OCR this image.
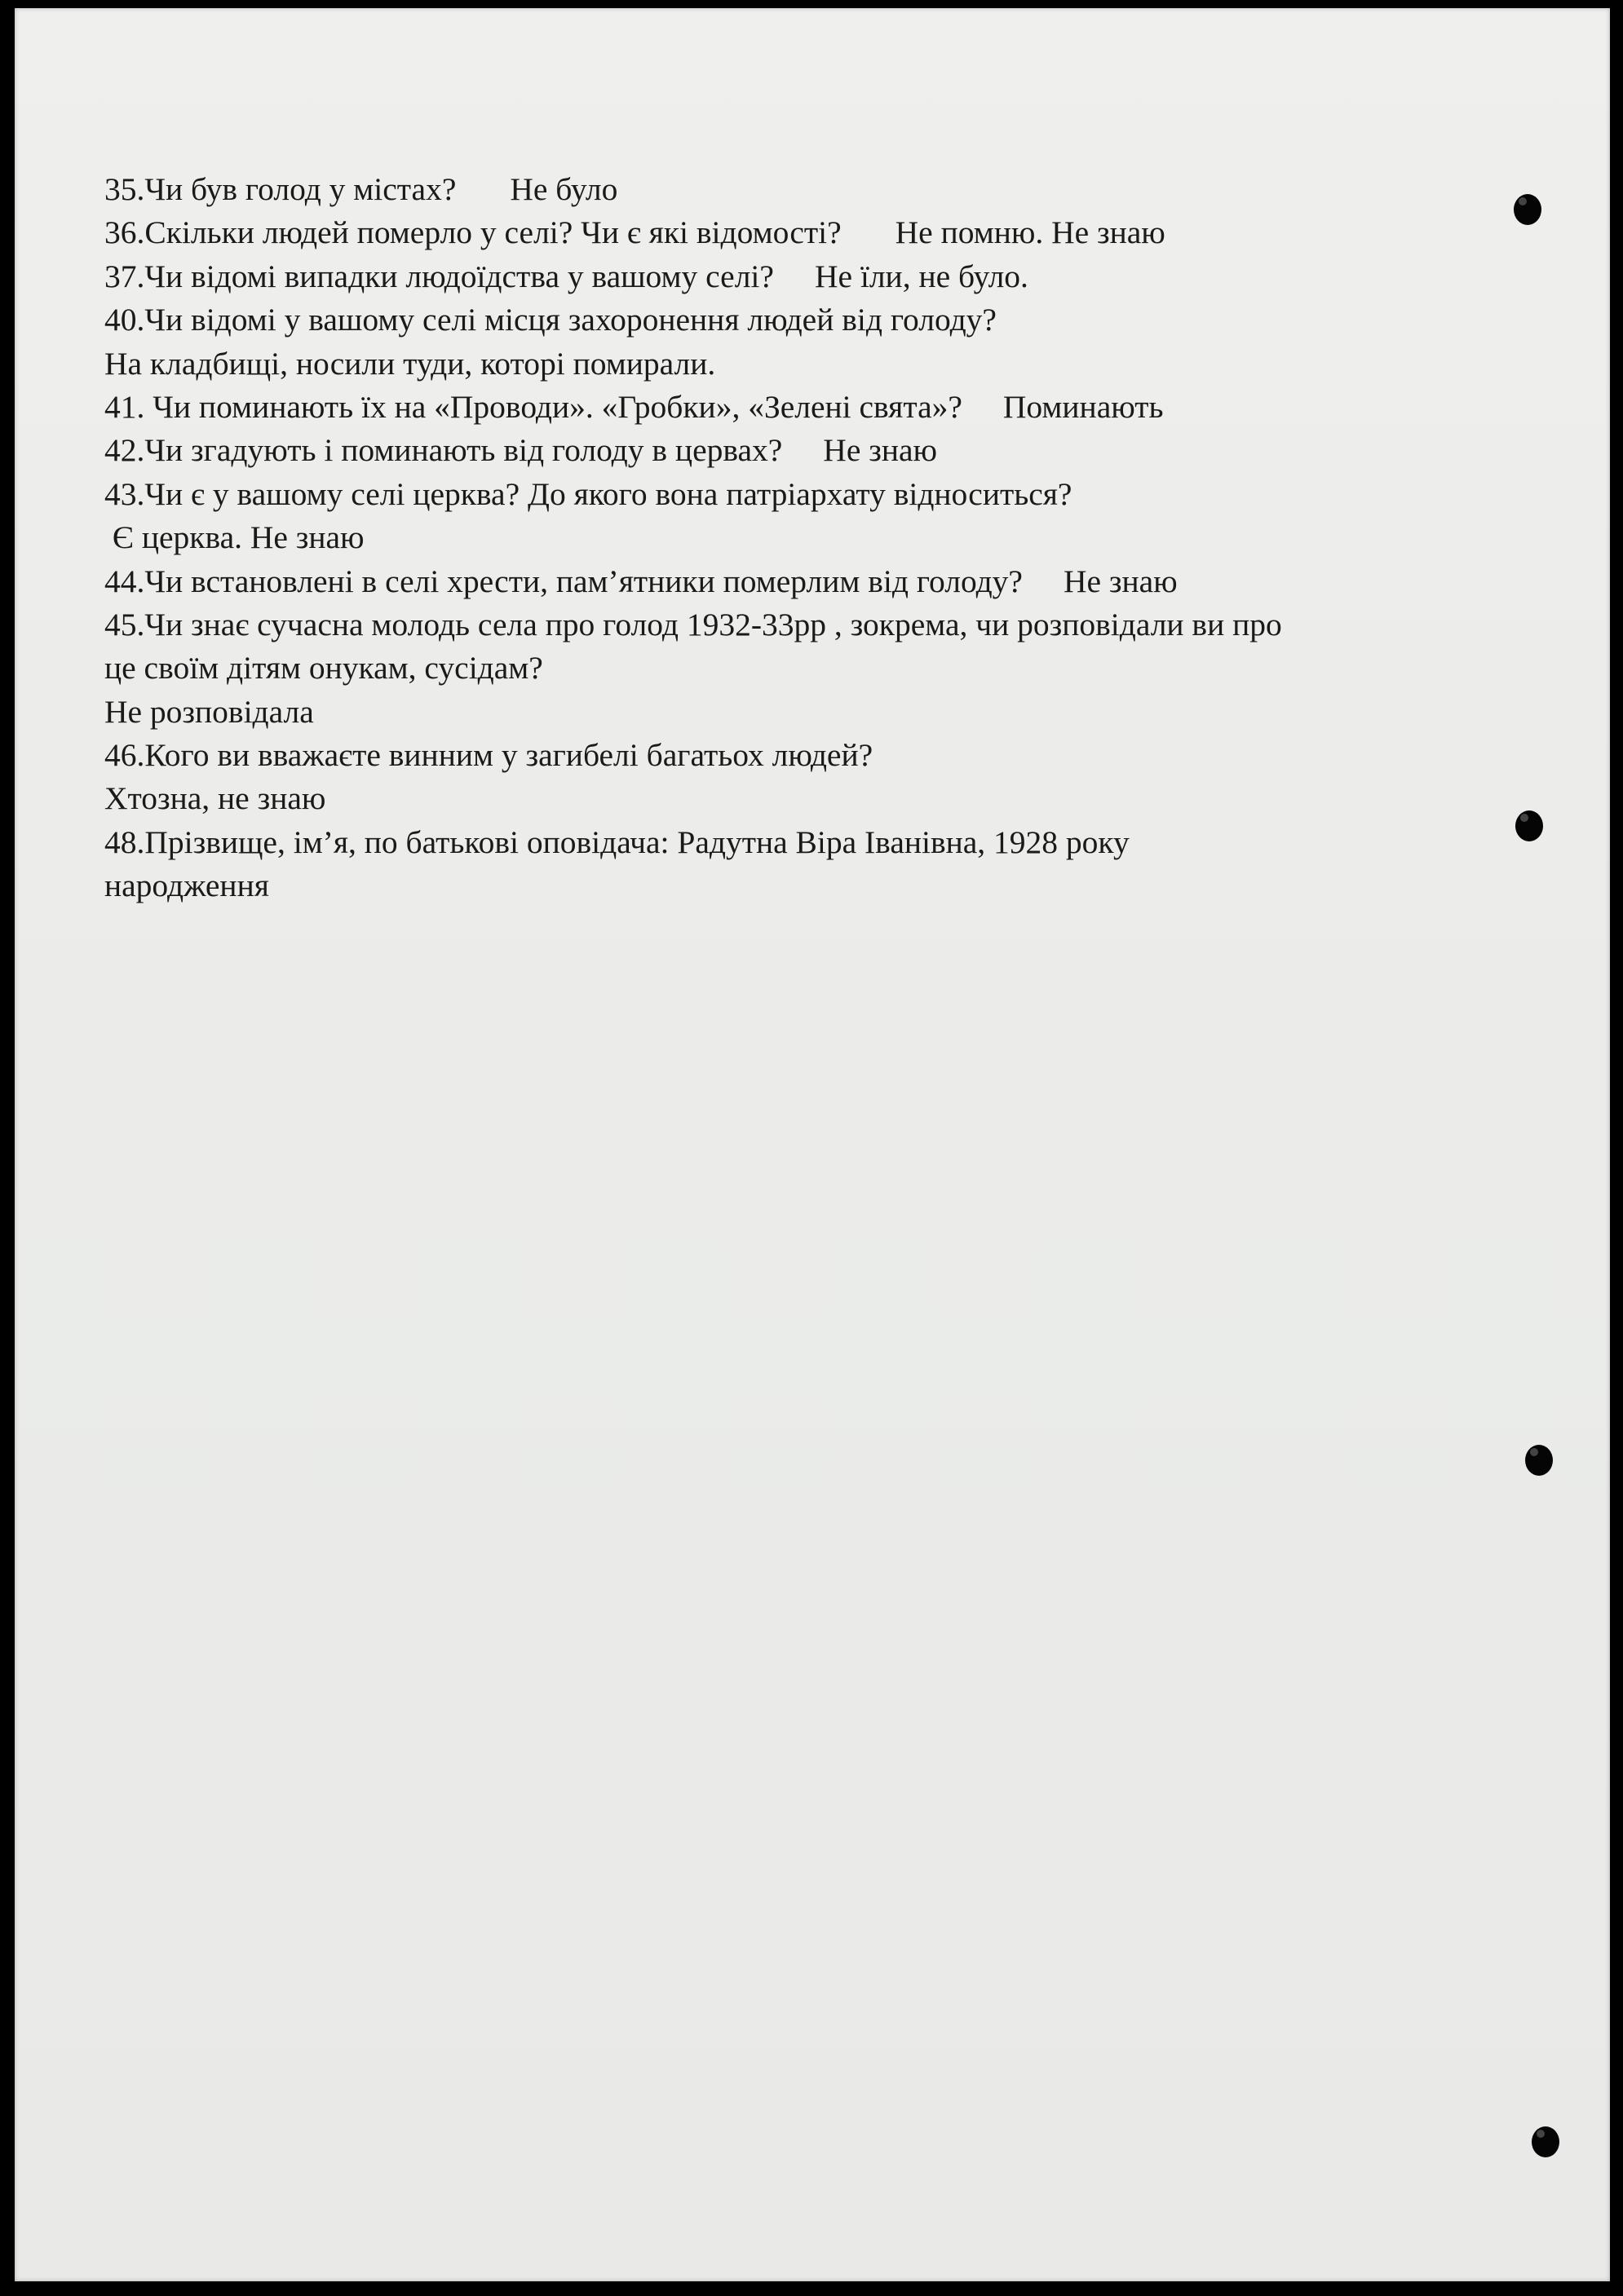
35.Чи був голод у містах? Не було
36.Скільки людей померло у селі? Чи є які відомості? Не помню. Не знаю
37.Чи відомі випадки людоїдства у вашому селі? Не їли, не було.
40.Чи відомі у вашому селі місця захоронення людей від голоду?
На кладбищі, носили туди, которі помирали.
41. Чи поминають їх на «Проводи». «Гробки», «Зелені свята»? Поминають
42.Чи згадують і поминають від голоду в цервах? Не знаю
43.Чи є у вашому селі церква? До якого вона патріархату відноситься?
Є церква. Не знаю
44.Чи встановлені в селі хрести, пам’ятники померлим від голоду? Не знаю
45.Чи знає сучасна молодь села про голод 1932-33рр , зокрема, чи розповідали ви про
це своїм дітям онукам, сусідам?
Не розповідала
46.Кого ви вважаєте винним у загибелі багатьох людей?
Хтозна, не знаю
48.Прізвище, ім’я, по батькові оповідача: Радутна Віра Іванівна, 1928 року
народження
